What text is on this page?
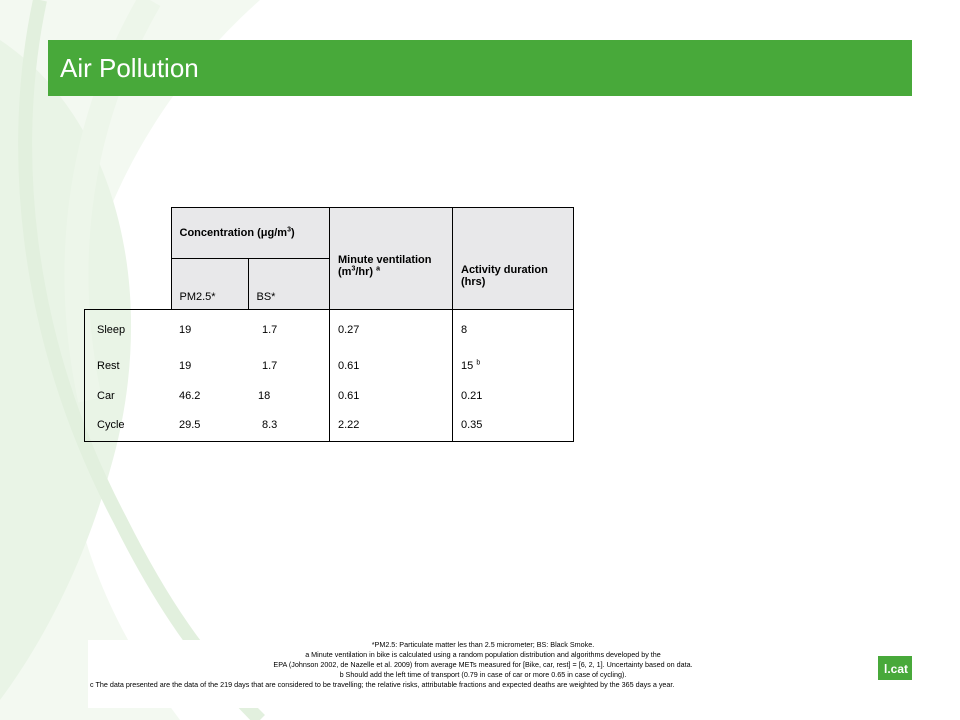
Air Pollution
	Concentration $(\mu g/m^3)$		Minute ventilation $(m^3/hr)$ $^a$	Activity duration (hrs)
	PM2.5*	BS*		
Sleep	19	1.7	0.27	8
Rest	19	1.7	0.61	15 $^b$
Car	46.2	18	0.61	0.21
Cycle	29.5	8.3	2.22	0.35
l.cat
*PM2.5: Particulate matter les than 2.5 micrometer; BS: Black Smoke.
a Minute ventilation in bike is calculated using a random population distribution and algorithms developed by the
EPA (Johnson 2002, de Nazelle et al. 2009) from average METs measured for [Bike, car, rest] = [6, 2, 1]. Uncertainty based on data.
b Should add the left time of transport (0.79 in case of car or more 0.65 in case of cycling).
c The data presented are the data of the 219 days that are considered to be travelling; the relative risks, attributable fractions and expected deaths are weighted by the 365 days a year.
